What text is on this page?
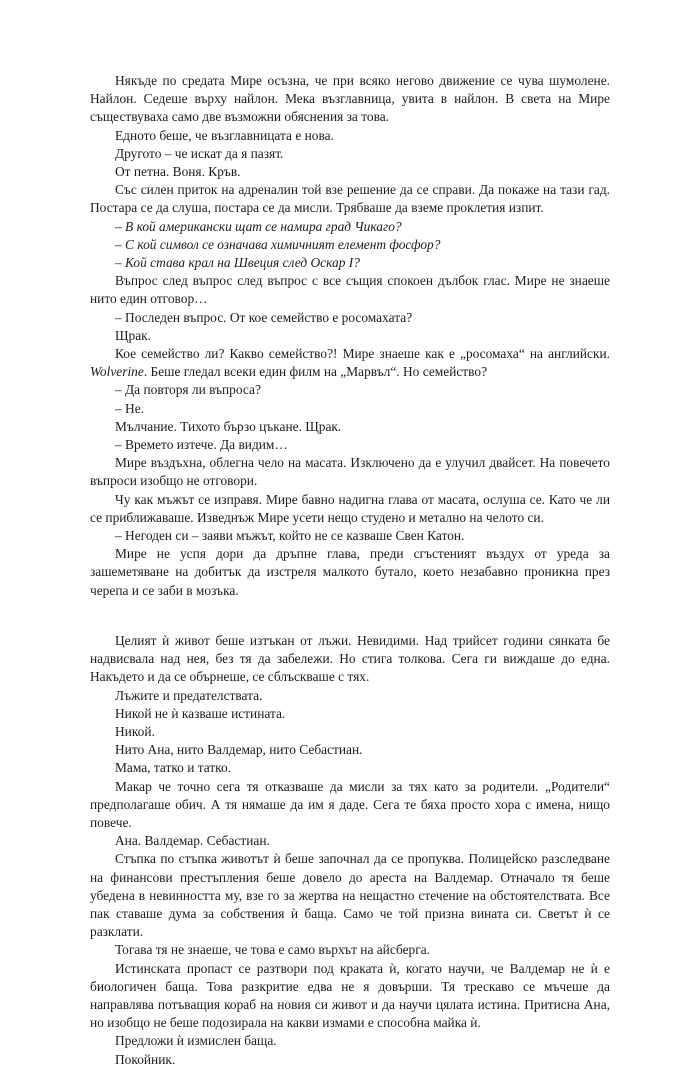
Някъде по средата Мире осъзна, че при всяко негово движение се чува шумолене. Найлон. Седеше върху найлон. Мека възглавница, увита в найлон. В света на Мире съществуваха само две възможни обяснения за това.

Едното беше, че възглавницата е нова.

Другото – че искат да я пазят.

От петна. Воня. Кръв.

Със силен приток на адреналин той взе решение да се справи. Да покаже на тази гад. Постара се да слуша, постара се да мисли. Трябваше да вземе проклетия изпит.

– В кой американски щат се намира град Чикаго?

– С кой символ се означава химичният елемент фосфор?

– Кой става крал на Швеция след Оскар I?

Въпрос след въпрос след въпрос с все същия спокоен дълбок глас. Мире не знаеше нито един отговор…

– Последен въпрос. От кое семейство е росомахата?

Щрак.

Кое семейство ли? Какво семейство?! Мире знаеше как е „росомаха“ на английски. Wolverine. Беше гледал всеки един филм на „Марвъл“. Но семейство?

– Да повторя ли въпроса?

– Не.

Мълчание. Тихото бързо цъкане. Щрак.

– Времето изтече. Да видим…

Мире въздъхна, облегна чело на масата. Изключено да е улучил двайсет. На повечето въпроси изобщо не отговори.

Чу как мъжът се изправя. Мире бавно надигна глава от масата, ослуша се. Като че ли се приближаваше. Изведнъж Мире усети нещо студено и метално на челото си.

– Негоден си – заяви мъжът, който не се казваше Свен Катон.

Мире не успя дори да дръпне глава, преди сгъстеният въздух от уреда за зашеметяване на добитък да изстреля малкото бутало, което незабавно проникна през черепа и се заби в мозъка.

Целият ѝ живот беше изтъкан от лъжи. Невидими. Над трийсет години сянката бе надвисвала над нея, без тя да забележи. Но стига толкова. Сега ги виждаше до една. Накъдето и да се обърнеше, се сблъскваше с тях.

Лъжите и предателствата.

Никой не ѝ казваше истината.

Никой.

Нито Ана, нито Валдемар, нито Себастиан.

Мама, татко и татко.

Макар че точно сега тя отказваше да мисли за тях като за родители. „Родители“ предполагаше обич. А тя нямаше да им я даде. Сега те бяха просто хора с имена, нищо повече.

Ана. Валдемар. Себастиан.

Стъпка по стъпка животът ѝ беше започнал да се пропуква. Полицейско разследване на финансови престъпления беше довело до ареста на Валдемар. Отначало тя беше убедена в невинността му, взе го за жертва на нещастно стечение на обстоятелствата. Все пак ставаше дума за собствения ѝ баща. Само че той призна вината си. Светът ѝ се разклати.

Тогава тя не знаеше, че това е само върхът на айсберга.

Истинската пропаст се разтвори под краката ѝ, когато научи, че Валдемар не ѝ е биологичен баща. Това разкритие едва не я довърши. Тя трескаво се мъчеше да направлява потъващия кораб на новия си живот и да научи цялата истина. Притисна Ана, но изобщо не беше подозирала на какви измами е способна майка ѝ.

Предложи ѝ измислен баща.

Покойник.
